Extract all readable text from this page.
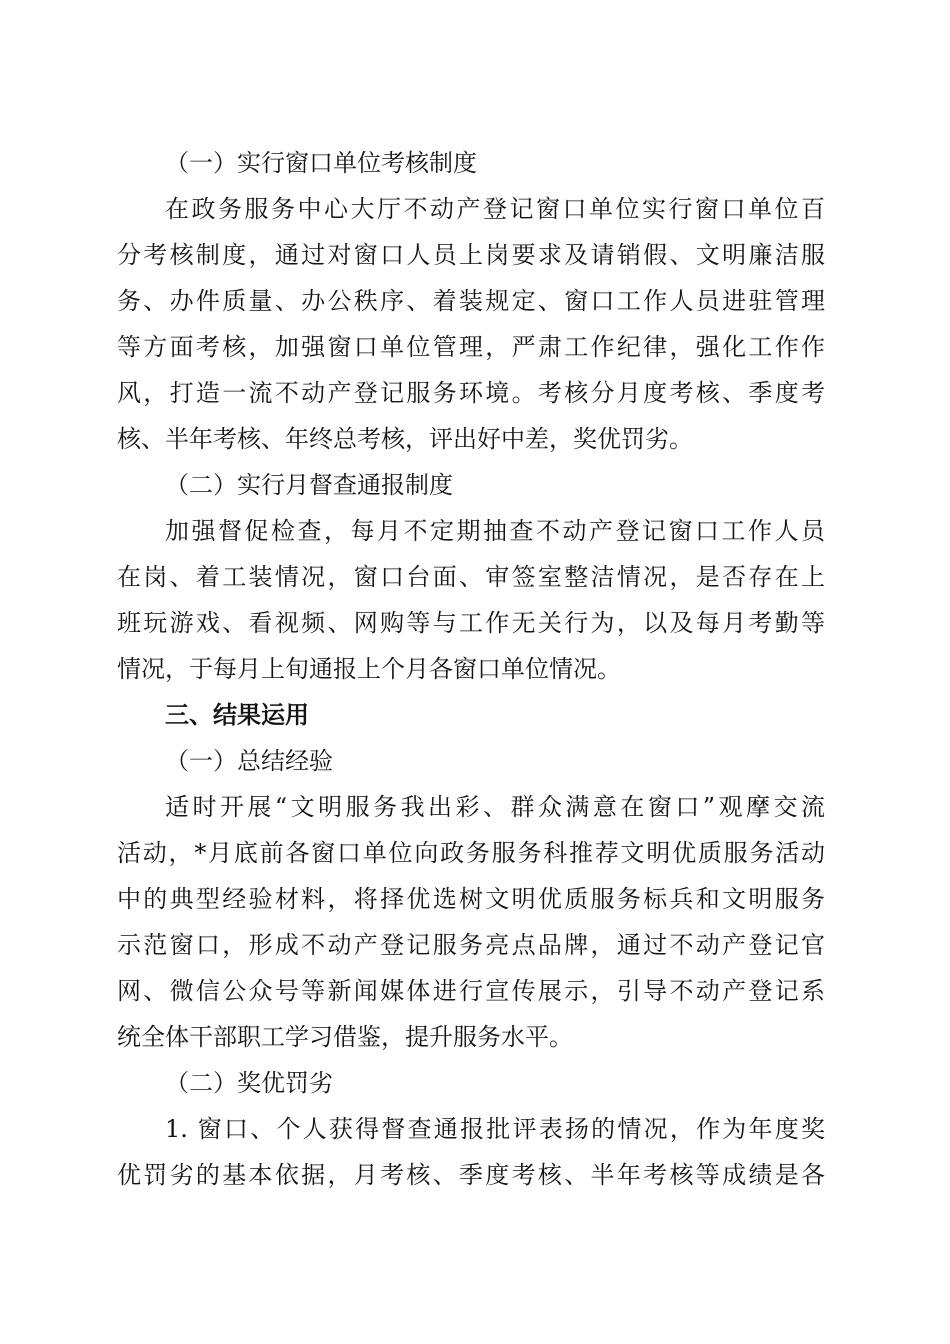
（一）实行窗口单位考核制度
在政务服务中心大厅不动产登记窗口单位实行窗口单位百
分考核制度，通过对窗口人员上岗要求及请销假、文明廉洁服
务、办件质量、办公秩序、着装规定、窗口工作人员进驻管理
等方面考核，加强窗口单位管理，严肃工作纪律，强化工作作
风，打造一流不动产登记服务环境。考核分月度考核、季度考
核、半年考核、年终总考核，评出好中差，奖优罚劣。
（二）实行月督查通报制度
加强督促检查，每月不定期抽查不动产登记窗口工作人员
在岗、着工装情况，窗口台面、审签室整洁情况，是否存在上
班玩游戏、看视频、网购等与工作无关行为，以及每月考勤等
情况，于每月上旬通报上个月各窗口单位情况。
三、结果运用
（一）总结经验
适时开展“文明服务我出彩、群众满意在窗口”观摩交流
活动，*月底前各窗口单位向政务服务科推荐文明优质服务活动
中的典型经验材料，将择优选树文明优质服务标兵和文明服务
示范窗口，形成不动产登记服务亮点品牌，通过不动产登记官
网、微信公众号等新闻媒体进行宣传展示，引导不动产登记系
统全体干部职工学习借鉴，提升服务水平。
（二）奖优罚劣
1. 窗口、个人获得督查通报批评表扬的情况，作为年度奖
优罚劣的基本依据，月考核、季度考核、半年考核等成绩是各
